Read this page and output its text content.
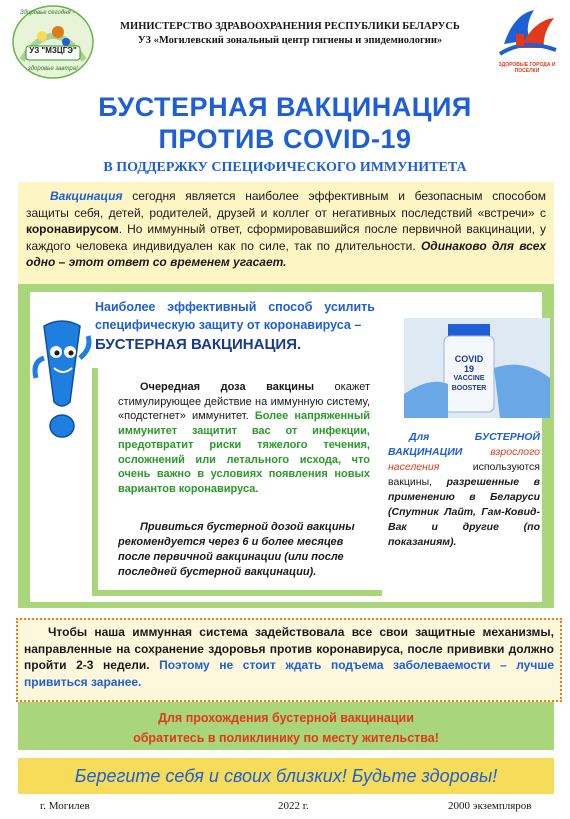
УЗ "МЗЦГЭ"
Здоровье сегодня -
здоровье завтра!
МИНИСТЕРСТВО ЗДРАВООХРАНЕНИЯ РЕСПУБЛИКИ БЕЛАРУСЬ
УЗ «Могилевский зональный центр гигиены и эпидемиологии»
ЗДОРОВЫЕ ГОРОДА И ПОСЕЛКИ
БУСТЕРНАЯ ВАКЦИНАЦИЯ
ПРОТИВ COVID-19
В ПОДДЕРЖКУ СПЕЦИФИЧЕСКОГО ИММУНИТЕТА
  Вакцинация сегодня является наиболее эффективным и безопасным способом защиты себя, детей, родителей, друзей и коллег от негативных последствий «встречи» с коронавирусом. Но иммунный ответ, сформировавшийся после первичной вакцинации, у каждого человека индивидуален как по силе, так по длительности. Одинаково для всех одно – этот ответ со временем угасает.
Наиболее эффективный способ усилить специфическую защиту от коронавируса –
БУСТЕРНАЯ ВАКЦИНАЦИЯ.
COVID
19
VACCINE
BOOSTER
  Очередная доза вакцины окажет стимулирующее действие на иммунную систему, «подстегнет» иммунитет. Более напряженный иммунитет защитит вас от инфекции, предотвратит риски тяжелого течения, осложнений или летального исхода, что очень важно в условиях появления новых вариантов коронавируса.
  Привиться бустерной дозой вакцины рекомендуется через 6 и более месяцев после первичной вакцинации (или после последней бустерной вакцинации).
  Для БУСТЕРНОЙ ВАКЦИНАЦИИ взрослого населения используются вакцины, разрешенные в применению в Беларуси (Спутник Лайт, Гам-Ковид-Вак и другие (по показаниям).
  Чтобы наша иммунная система задействовала все свои защитные механизмы, направленные на сохранение здоровья против коронавируса, после прививки должно пройти 2-3 недели. Поэтому не стоит ждать подъема заболеваемости – лучше привиться заранее.
Для прохождения бустерной вакцинации
обратитесь в поликлинику по месту жительства!
Берегите себя и своих близких! Будьте здоровы!
г. Могилев	2022 г.	2000 экземпляров
